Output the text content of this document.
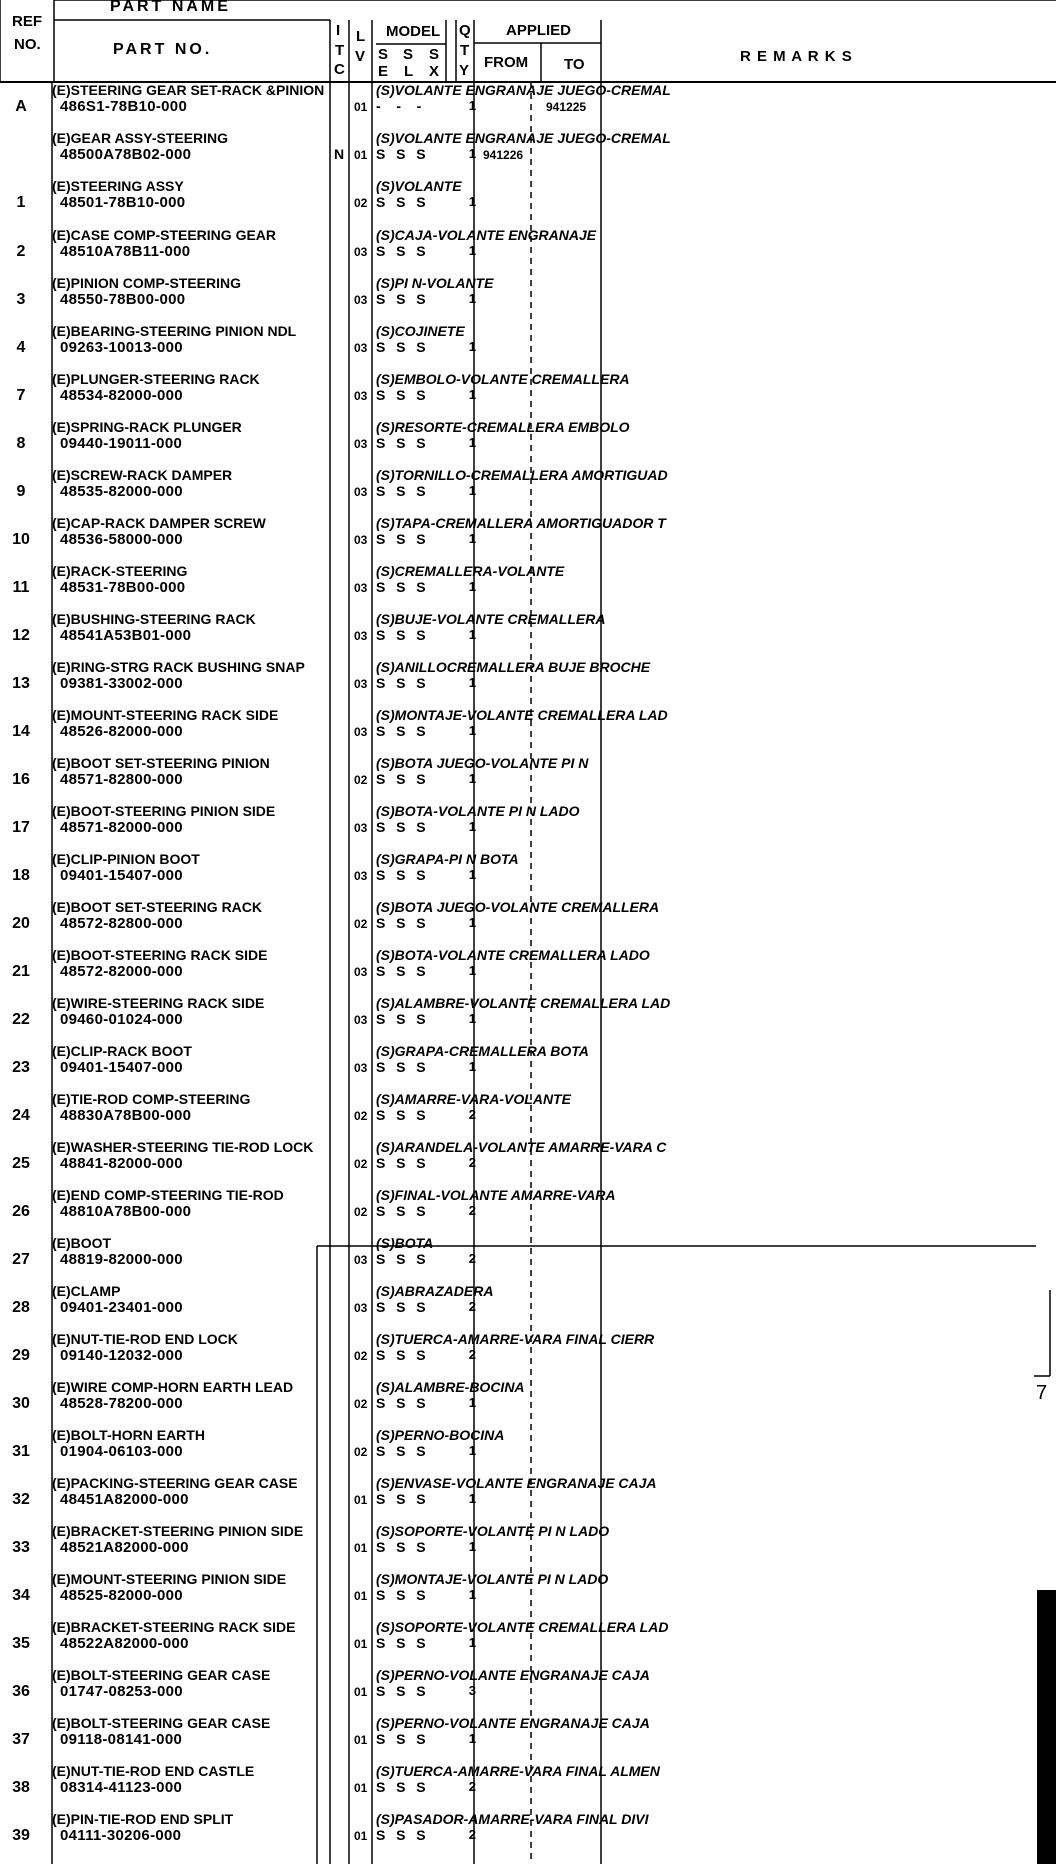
REF
NO.
PART NAME
PART NO.
I
T
C
L
V
MODEL
S S S
E L X
Q
T
Y
APPLIED
FROM TO	R E M A R K S
A
(E)STEERING GEAR SET-RACK &PINION
486S1-78B10-000	01
(S)VOLANTE ENGRANAJE JUEGO-CREMAL
-   -   -	1	941225
(E)GEAR ASSY-STEERING
48500A78B02-000	N 01
(S)VOLANTE ENGRANAJE JUEGO-CREMAL
S  S  S	1 941226
1
(E)STEERING ASSY
48501-78B10-000	02
(S)VOLANTE
S  S  S	1
2
(E)CASE COMP-STEERING GEAR
48510A78B11-000	03
(S)CAJA-VOLANTE ENGRANAJE
S  S  S	1
3
(E)PINION COMP-STEERING
48550-78B00-000	03
(S)PI N-VOLANTE
S  S  S	1
4
(E)BEARING-STEERING PINION NDL
09263-10013-000	03
(S)COJINETE
S  S  S	1
7
(E)PLUNGER-STEERING RACK
48534-82000-000	03
(S)EMBOLO-VOLANTE CREMALLERA
S  S  S	1
8
(E)SPRING-RACK PLUNGER
09440-19011-000	03
(S)RESORTE-CREMALLERA EMBOLO
S  S  S	1
9
(E)SCREW-RACK DAMPER
48535-82000-000	03
(S)TORNILLO-CREMALLERA AMORTIGUAD
S  S  S	1
10
(E)CAP-RACK DAMPER SCREW
48536-58000-000	03
(S)TAPA-CREMALLERA AMORTIGUADOR T
S  S  S	1
11
(E)RACK-STEERING
48531-78B00-000	03
(S)CREMALLERA-VOLANTE
S  S  S	1
12
(E)BUSHING-STEERING RACK
48541A53B01-000	03
(S)BUJE-VOLANTE CREMALLERA
S  S  S	1
13
(E)RING-STRG RACK BUSHING SNAP
09381-33002-000	03
(S)ANILLOCREMALLERA BUJE BROCHE
S  S  S	1
14
(E)MOUNT-STEERING RACK SIDE
48526-82000-000	03
(S)MONTAJE-VOLANTE CREMALLERA LAD
S  S  S	1
16
(E)BOOT SET-STEERING PINION
48571-82800-000	02
(S)BOTA JUEGO-VOLANTE PI N
S  S  S	1
17
(E)BOOT-STEERING PINION SIDE
48571-82000-000	03
(S)BOTA-VOLANTE PI N LADO
S  S  S	1
18
(E)CLIP-PINION BOOT
09401-15407-000	03
(S)GRAPA-PI N BOTA
S  S  S	1
20
(E)BOOT SET-STEERING RACK
48572-82800-000	02
(S)BOTA JUEGO-VOLANTE CREMALLERA
S  S  S	1
21
(E)BOOT-STEERING RACK SIDE
48572-82000-000	03
(S)BOTA-VOLANTE CREMALLERA LADO
S  S  S	1
22
(E)WIRE-STEERING RACK SIDE
09460-01024-000	03
(S)ALAMBRE-VOLANTE CREMALLERA LAD
S  S  S	1
23
(E)CLIP-RACK BOOT
09401-15407-000	03
(S)GRAPA-CREMALLERA BOTA
S  S  S	1
24
(E)TIE-ROD COMP-STEERING
48830A78B00-000	02
(S)AMARRE-VARA-VOLANTE
S  S  S	2
25
(E)WASHER-STEERING TIE-ROD LOCK
48841-82000-000	02
(S)ARANDELA-VOLANTE AMARRE-VARA C
S  S  S	2
26
(E)END COMP-STEERING TIE-ROD
48810A78B00-000	02
(S)FINAL-VOLANTE AMARRE-VARA
S  S  S	2
27
(E)BOOT
48819-82000-000	03
(S)BOTA
S  S  S	2
28
(E)CLAMP
09401-23401-000	03
(S)ABRAZADERA
S  S  S	2
29
(E)NUT-TIE-ROD END LOCK
09140-12032-000	02
(S)TUERCA-AMARRE-VARA FINAL CIERR
S  S  S	2
30
(E)WIRE COMP-HORN EARTH LEAD
48528-78200-000	02
(S)ALAMBRE-BOCINA
S  S  S	1
31
(E)BOLT-HORN EARTH
01904-06103-000	02
(S)PERNO-BOCINA
S  S  S	1
32
(E)PACKING-STEERING GEAR CASE
48451A82000-000	01
(S)ENVASE-VOLANTE ENGRANAJE CAJA
S  S  S	1
33
(E)BRACKET-STEERING PINION SIDE
48521A82000-000	01
(S)SOPORTE-VOLANTE PI N LADO
S  S  S	1
34
(E)MOUNT-STEERING PINION SIDE
48525-82000-000	01
(S)MONTAJE-VOLANTE PI N LADO
S  S  S	1
35
(E)BRACKET-STEERING RACK SIDE
48522A82000-000	01
(S)SOPORTE-VOLANTE CREMALLERA LAD
S  S  S	1
36
(E)BOLT-STEERING GEAR CASE
01747-08253-000	01
(S)PERNO-VOLANTE ENGRANAJE CAJA
S  S  S	3
37
(E)BOLT-STEERING GEAR CASE
09118-08141-000	01
(S)PERNO-VOLANTE ENGRANAJE CAJA
S  S  S	1
38
(E)NUT-TIE-ROD END CASTLE
08314-41123-000	01
(S)TUERCA-AMARRE-VARA FINAL ALMEN
S  S  S	2
39
(E)PIN-TIE-ROD END SPLIT
04111-30206-000	01
(S)PASADOR-AMARRE-VARA FINAL DIVI
S  S  S	2
7
